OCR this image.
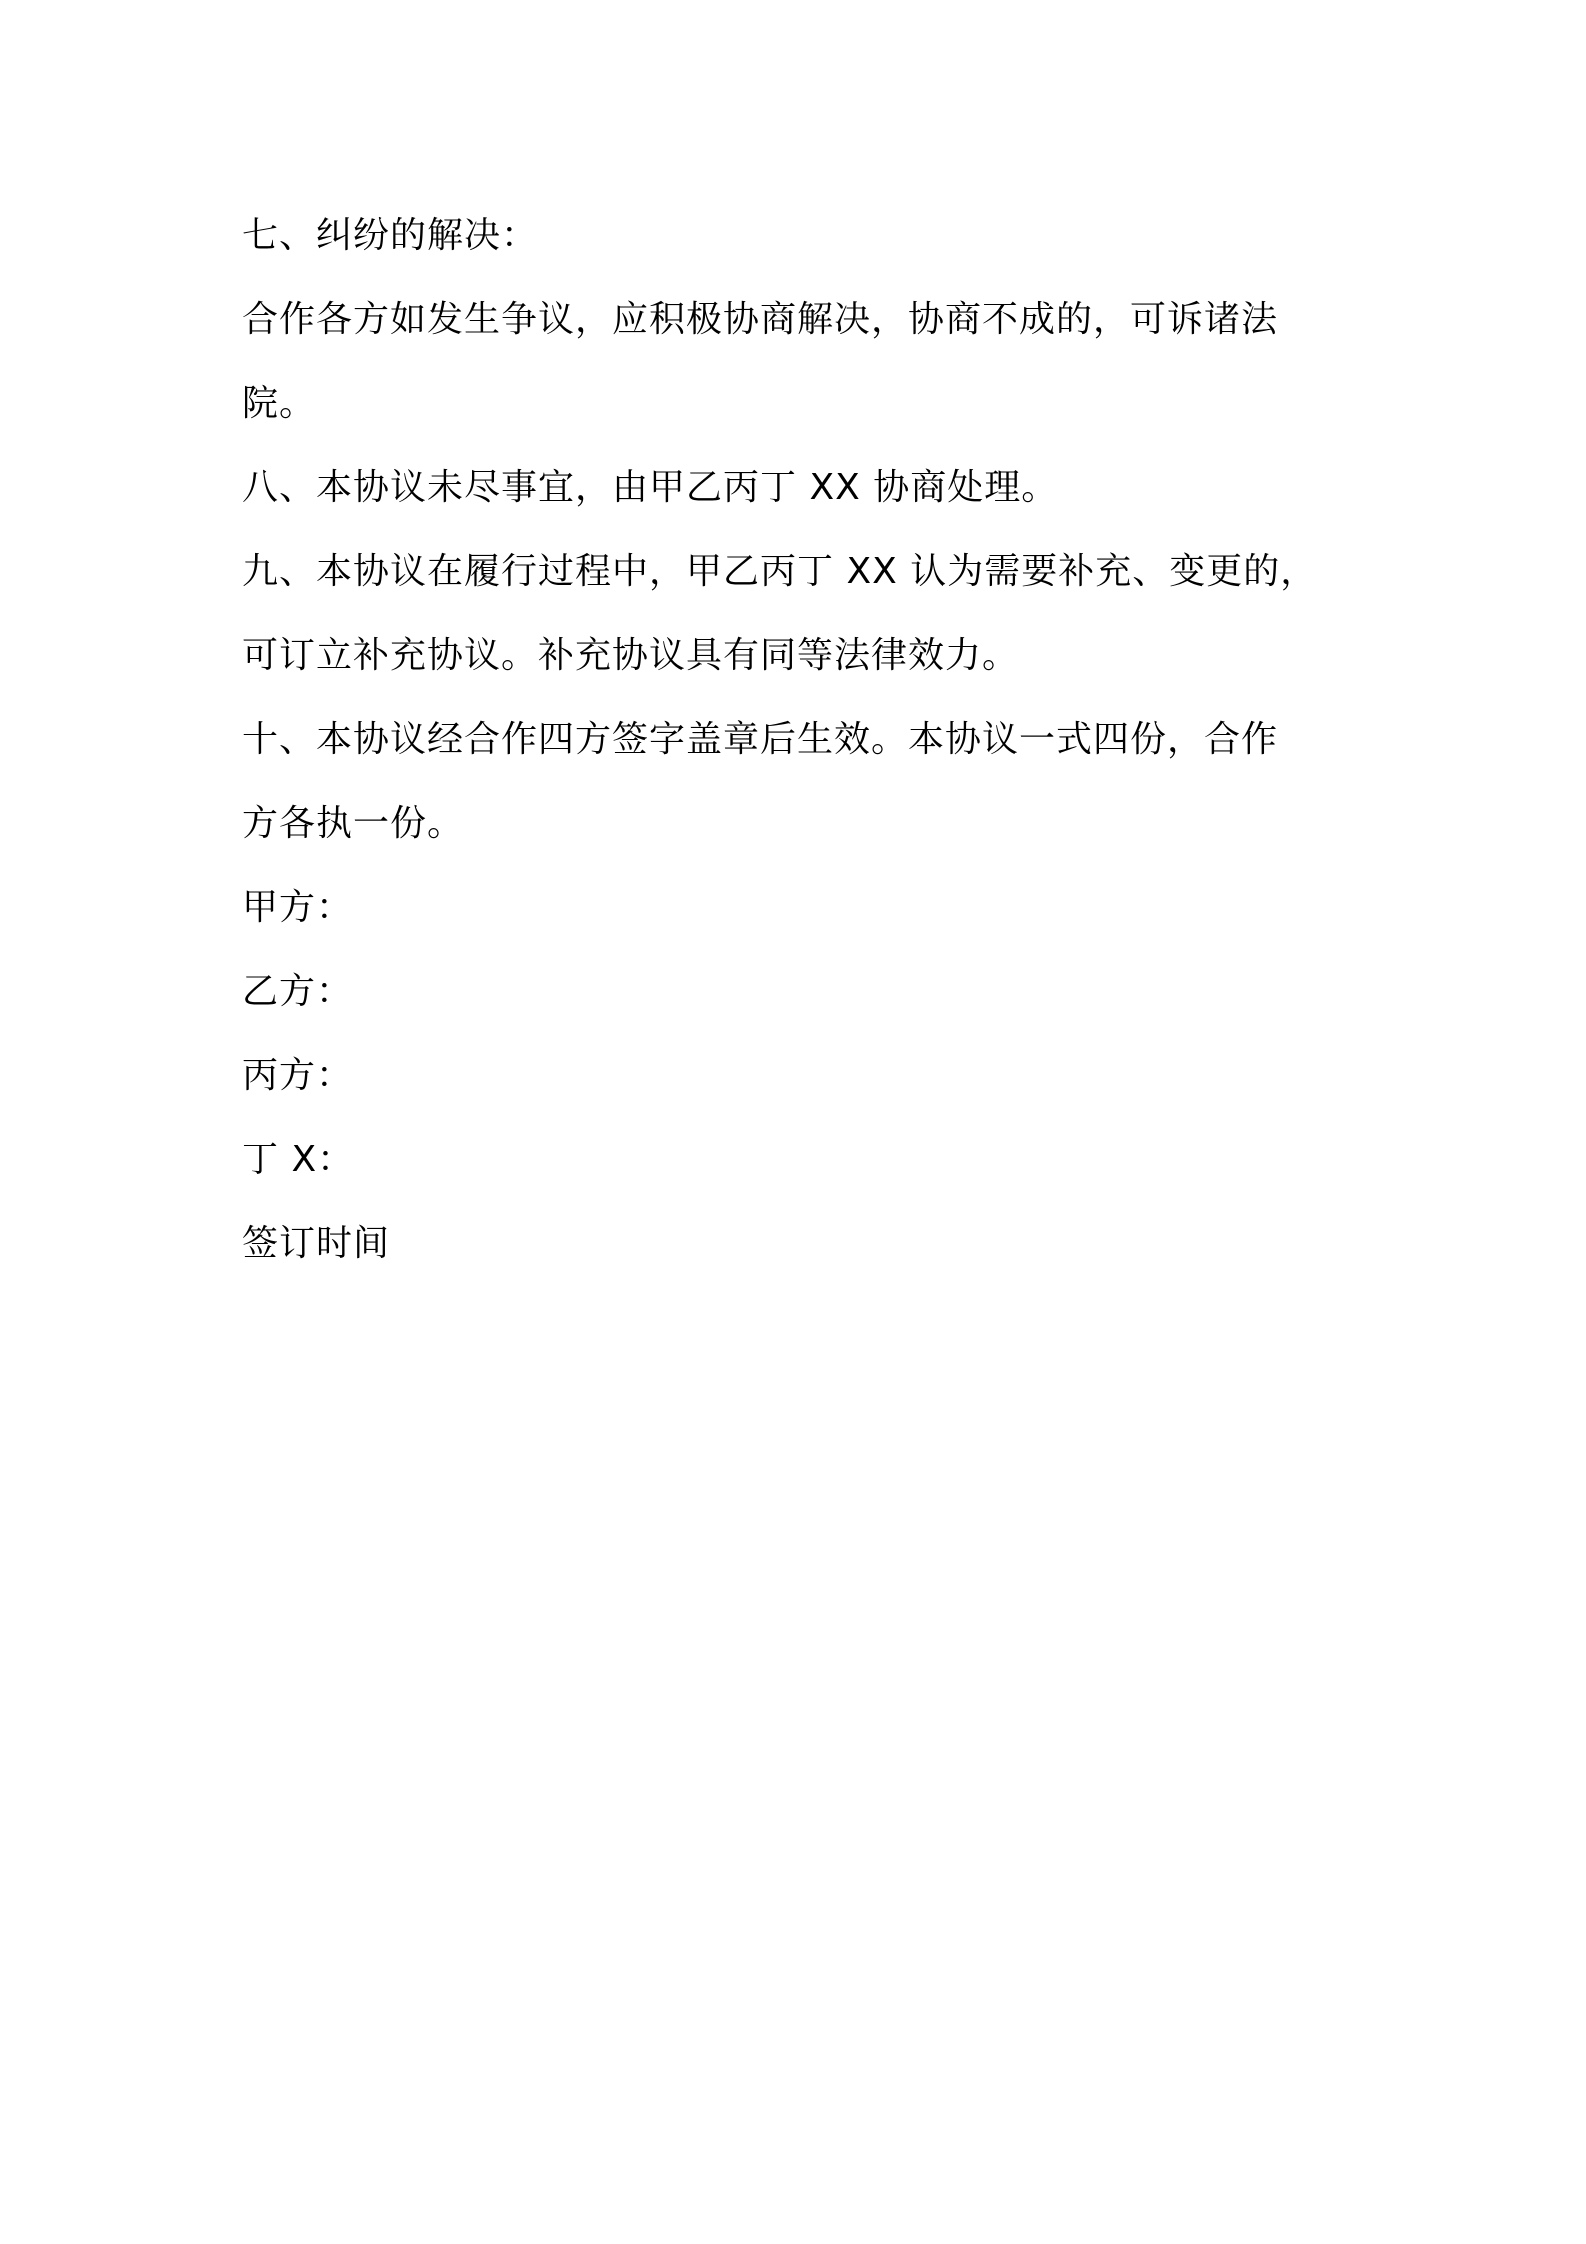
七、纠纷的解决：
合作各方如发生争议，应积极协商解决，协商不成的，可诉诸法
院。
八、本协议未尽事宜，由甲乙丙丁 XX 协商处理。
九、本协议在履行过程中，甲乙丙丁 XX 认为需要补充、变更的，
可订立补充协议。补充协议具有同等法律效力。
十、本协议经合作四方签字盖章后生效。本协议一式四份，合作
方各执一份。
甲方：
乙方：
丙方：
丁 X：
签订时间
